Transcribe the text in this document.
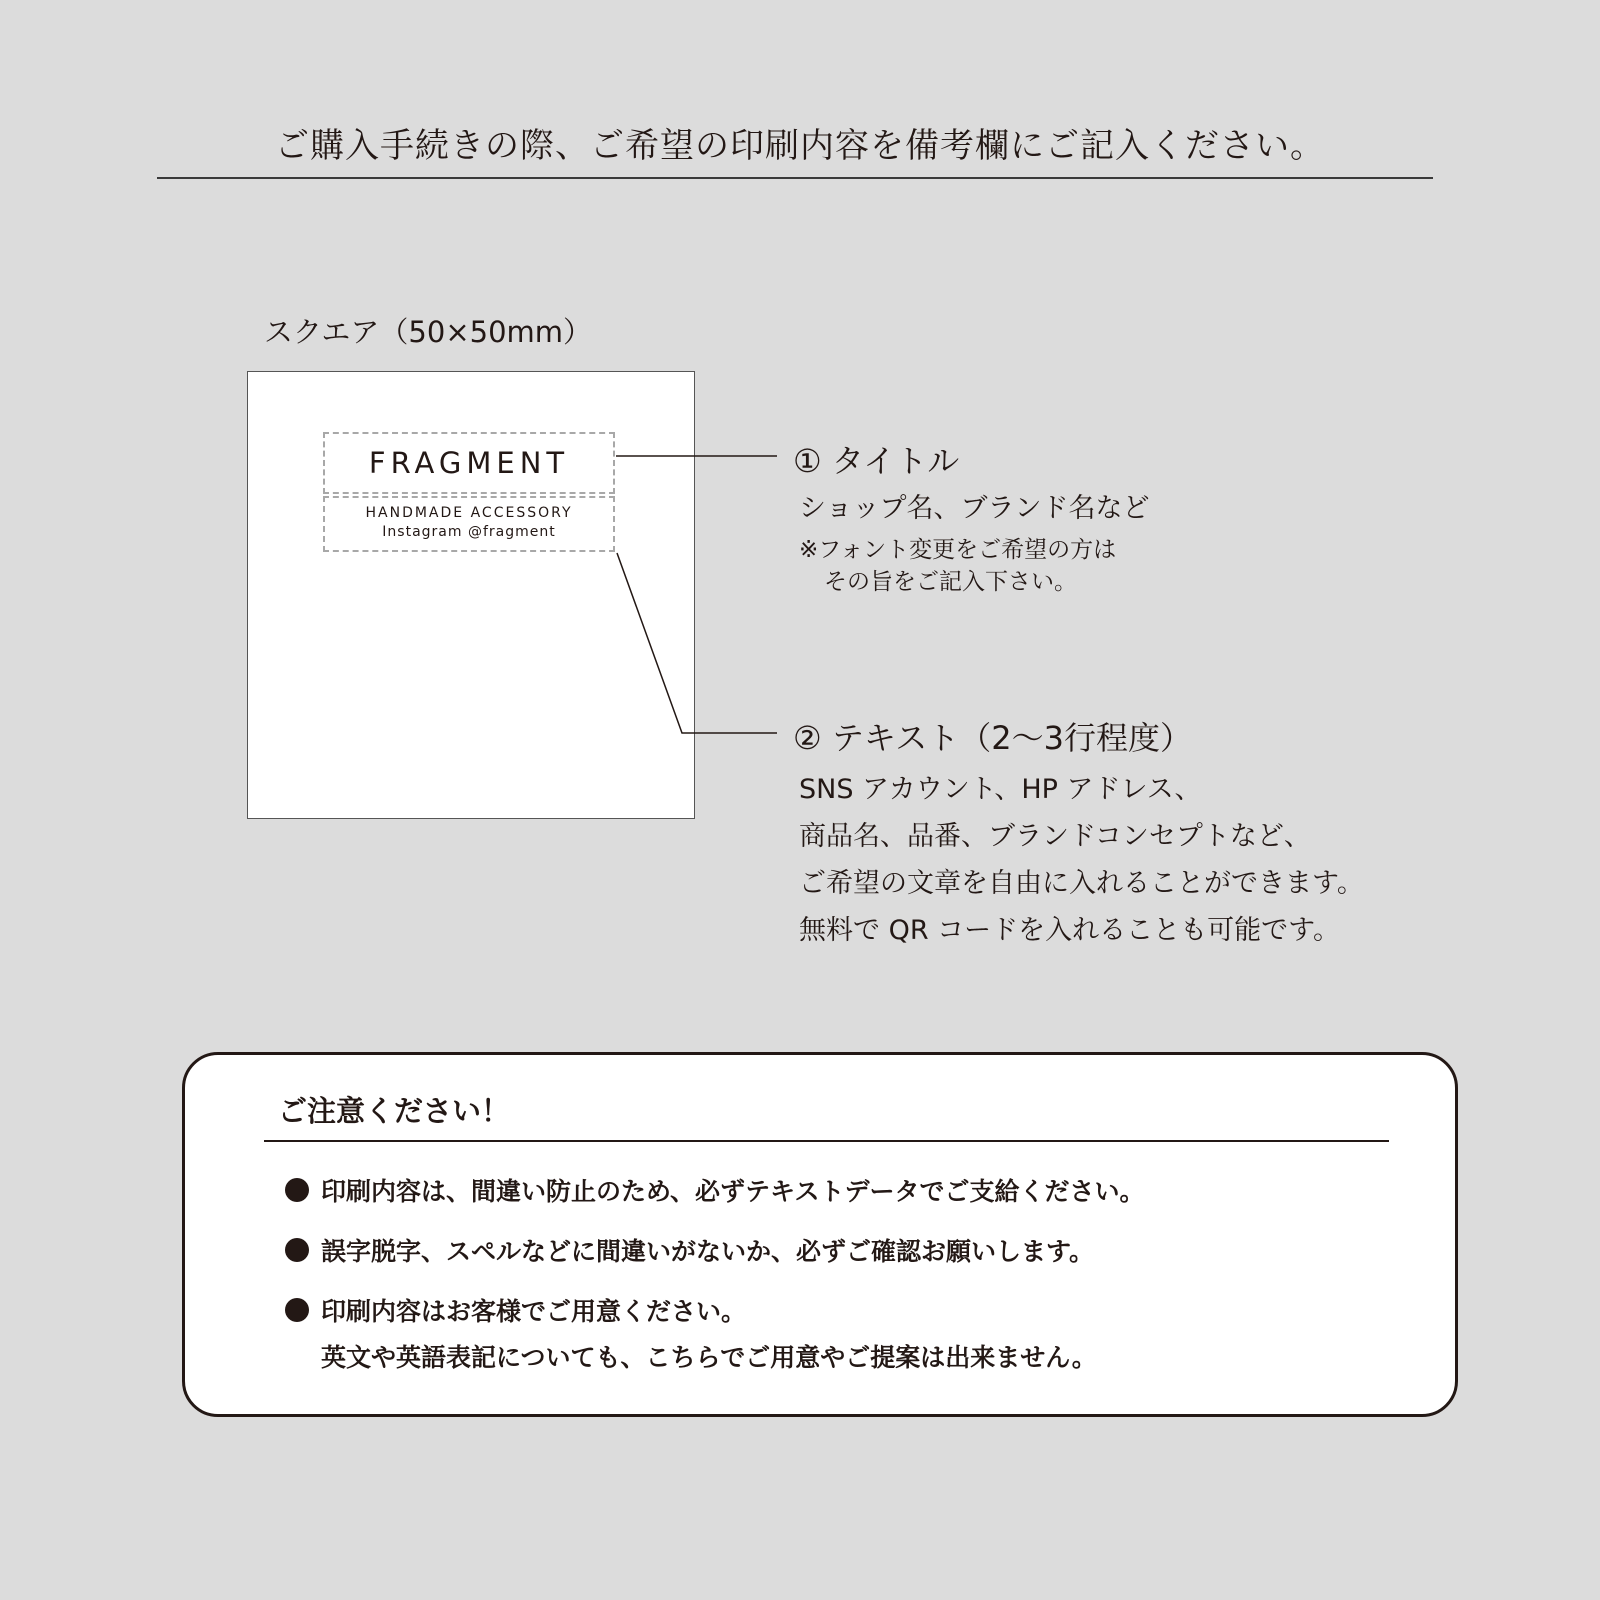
ご購入手続きの際、ご希望の印刷内容を備考欄にご記入ください。
スクエア（50×50mm）
FRAGMENT
HANDMADE ACCESSORY
Instagram @fragment
① タイトル
ショップ名、ブランド名など
※フォント変更をご希望の方は
その旨をご記入下さい。
② テキスト（2〜3行程度）
SNS アカウント、HP アドレス、
商品名、品番、ブランドコンセプトなど、
ご希望の文章を自由に入れることができます。
無料で QR コードを入れることも可能です。
ご注意ください！
印刷内容は、間違い防止のため、必ずテキストデータでご支給ください。
誤字脱字、スペルなどに間違いがないか、必ずご確認お願いします。
印刷内容はお客様でご用意ください。
英文や英語表記についても、こちらでご用意やご提案は出来ません。
